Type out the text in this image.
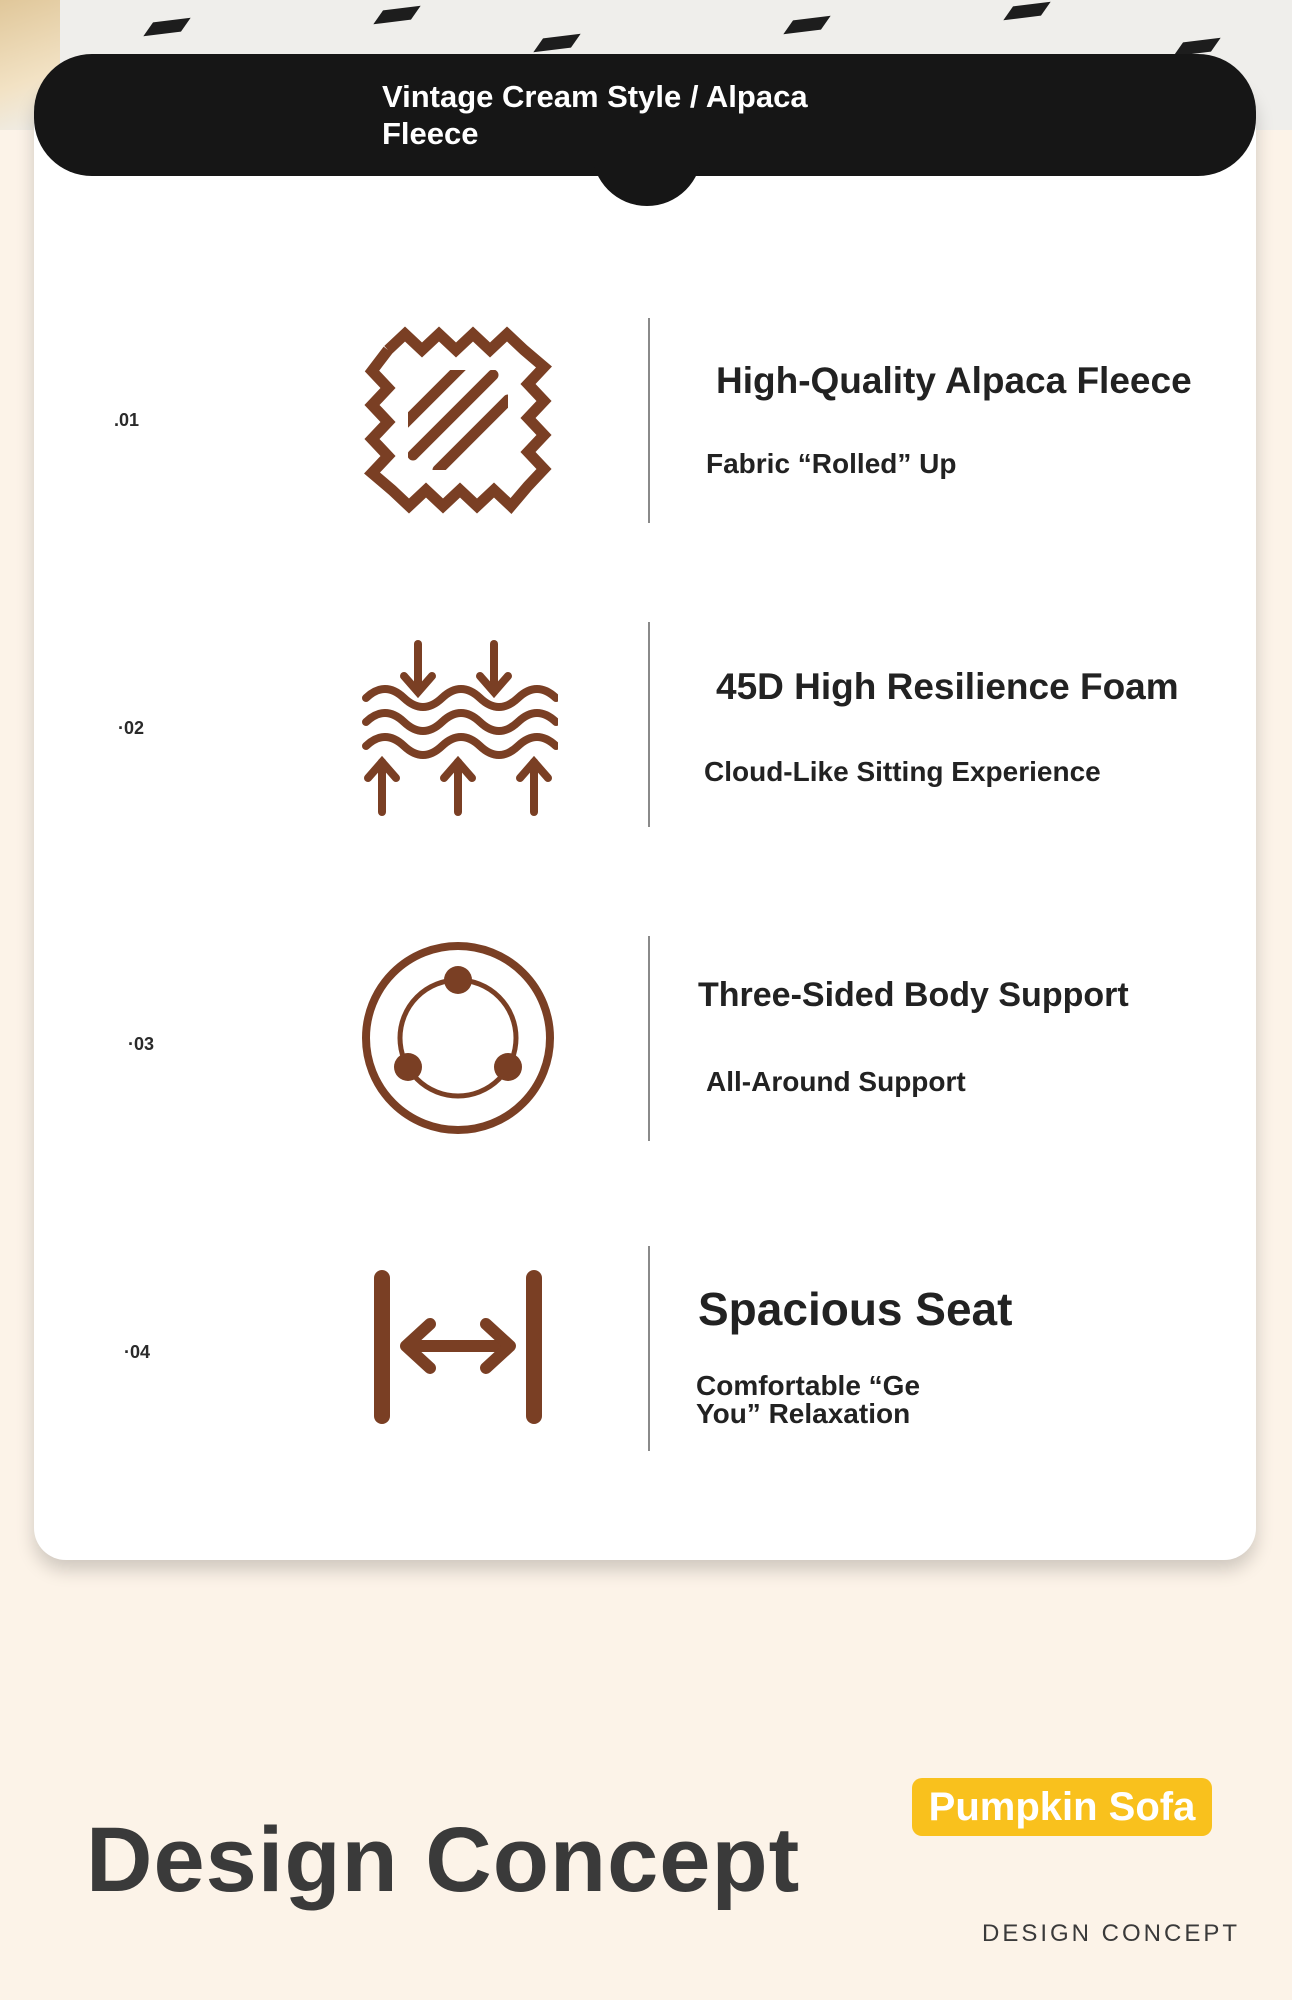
Vintage Cream Style / Alpaca Fleece
.01
High-Quality Alpaca Fleece
Fabric “Rolled” Up
·02
45D High Resilience Foam
Cloud-Like Sitting Experience
·03
Three-Sided Body Support
All-Around Support
·04
Spacious Seat
Comfortable “Ge You” Relaxation
Pumpkin Sofa
Design Concept
DESIGN CONCEPT
